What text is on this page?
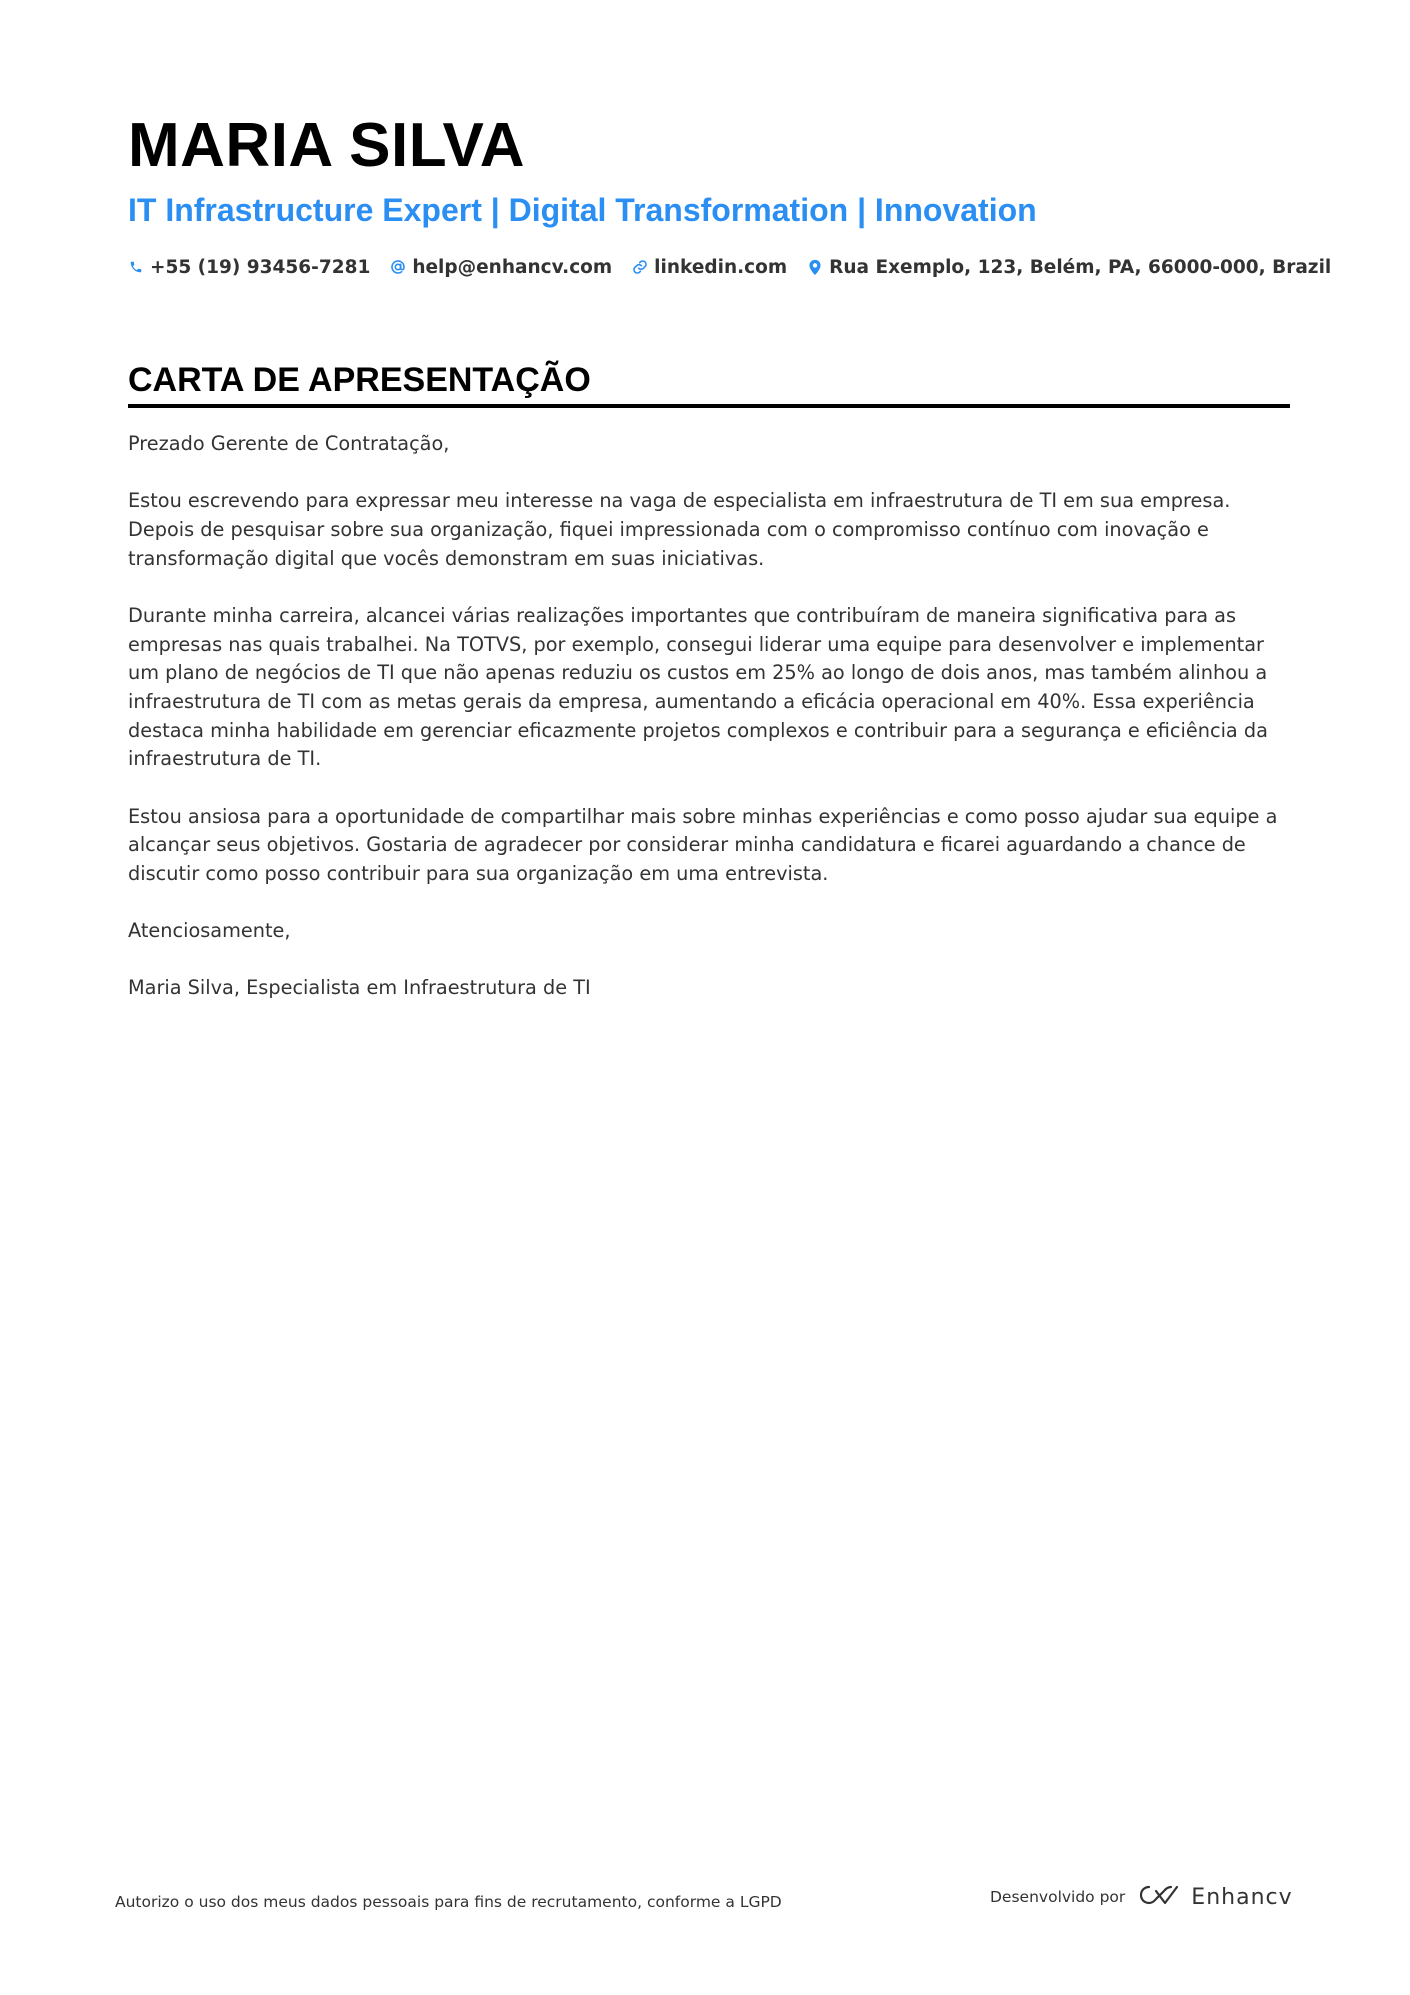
MARIA SILVA
IT Infrastructure Expert | Digital Transformation | Innovation
+55 (19) 93456-7281 help@enhancv.com linkedin.com Rua Exemplo, 123, Belém, PA, 66000-000, Brazil
CARTA DE APRESENTAÇÃO

Prezado Gerente de Contratação,

Estou escrevendo para expressar meu interesse na vaga de especialista em infraestrutura de TI em sua empresa. Depois de pesquisar sobre sua organização, fiquei impressionada com o compromisso contínuo com inovação e transformação digital que vocês demonstram em suas iniciativas.

Durante minha carreira, alcancei várias realizações importantes que contribuíram de maneira significativa para as empresas nas quais trabalhei. Na TOTVS, por exemplo, consegui liderar uma equipe para desenvolver e implementar um plano de negócios de TI que não apenas reduziu os custos em 25% ao longo de dois anos, mas também alinhou a infraestrutura de TI com as metas gerais da empresa, aumentando a eficácia operacional em 40%. Essa experiência destaca minha habilidade em gerenciar eficazmente projetos complexos e contribuir para a segurança e eficiência da infraestrutura de TI.

Estou ansiosa para a oportunidade de compartilhar mais sobre minhas experiências e como posso ajudar sua equipe a alcançar seus objetivos. Gostaria de agradecer por considerar minha candidatura e ficarei aguardando a chance de discutir como posso contribuir para sua organização em uma entrevista.

Atenciosamente,

Maria Silva, Especialista em Infraestrutura de TI

Autorizo o uso dos meus dados pessoais para fins de recrutamento, conforme a LGPD	Desenvolvido por	Enhancv
